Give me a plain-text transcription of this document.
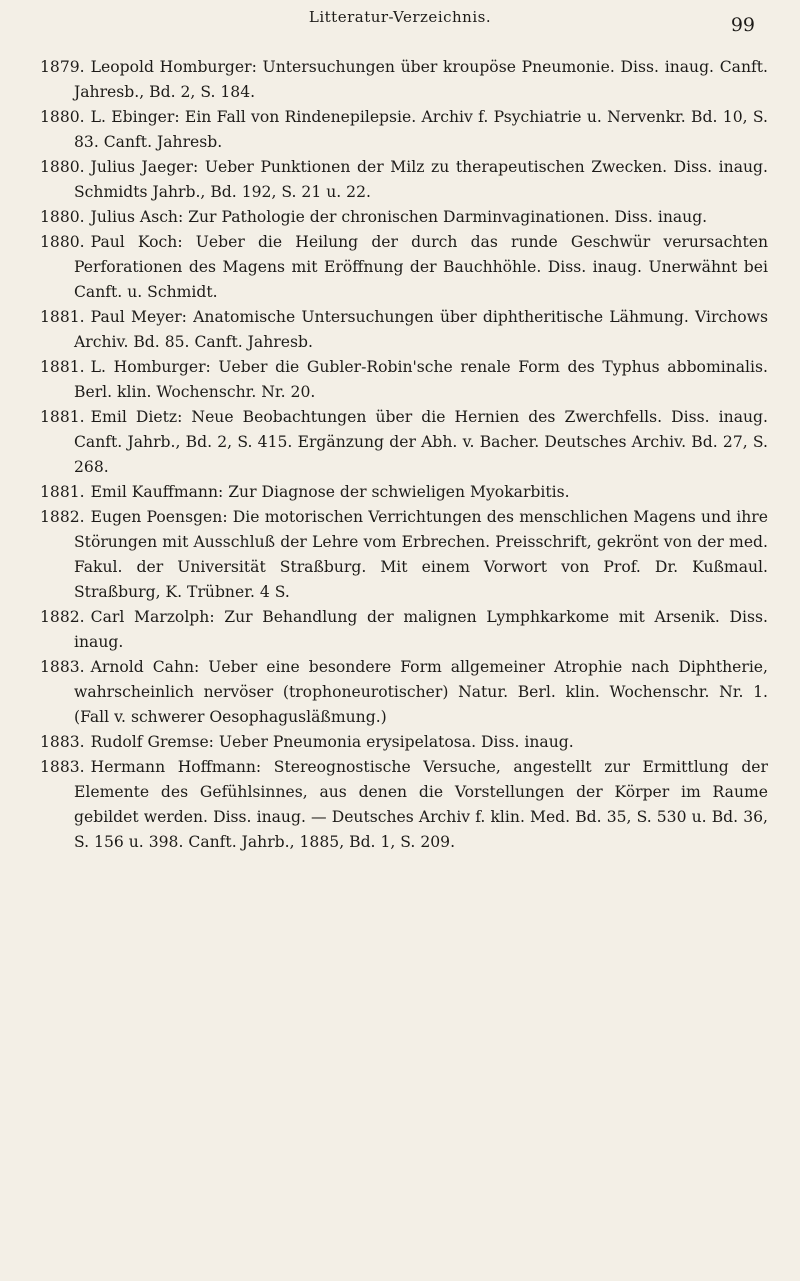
Litteratur-Verzeichnis.	99
1879. Leopold Homburger: Untersuchungen über kroupöse Pneumonie. Diss. inaug. Canft. Jahresb., Bd. 2, S. 184.
1880. L. Ebinger: Ein Fall von Rindenepilepsie. Archiv f. Psychiatrie u. Nervenkr. Bd. 10, S. 83. Canft. Jahresb.
1880. Julius Jaeger: Ueber Punktionen der Milz zu therapeutischen Zwecken. Diss. inaug. Schmidts Jahrb., Bd. 192, S. 21 u. 22.
1880. Julius Asch: Zur Pathologie der chronischen Darminvaginationen. Diss. inaug.
1880. Paul Koch: Ueber die Heilung der durch das runde Geschwür verursachten Perforationen des Magens mit Eröffnung der Bauchhöhle. Diss. inaug. Unerwähnt bei Canft. u. Schmidt.
1881. Paul Meyer: Anatomische Untersuchungen über diphtheritische Lähmung. Virchows Archiv. Bd. 85. Canft. Jahresb.
1881. L. Homburger: Ueber die Gubler-Robin'sche renale Form des Typhus abbominalis. Berl. klin. Wochenschr. Nr. 20.
1881. Emil Dietz: Neue Beobachtungen über die Hernien des Zwerchfells. Diss. inaug. Canft. Jahrb., Bd. 2, S. 415. Ergänzung der Abh. v. Bacher. Deutsches Archiv. Bd. 27, S. 268.
1881. Emil Kauffmann: Zur Diagnose der schwieligen Myokarbitis.
1882. Eugen Poensgen: Die motorischen Verrichtungen des menschlichen Magens und ihre Störungen mit Ausschluß der Lehre vom Erbrechen. Preisschrift, gekrönt von der med. Fakul. der Universität Straßburg. Mit einem Vorwort von Prof. Dr. Kußmaul. Straßburg, K. Trübner. 4 S.
1882. Carl Marzolph: Zur Behandlung der malignen Lymphkarkome mit Arsenik. Diss. inaug.
1883. Arnold Cahn: Ueber eine besondere Form allgemeiner Atrophie nach Diphtherie, wahrscheinlich nervöser (trophoneurotischer) Natur. Berl. klin. Wochenschr. Nr. 1. (Fall v. schwerer Oesophagusläßmung.)
1883. Rudolf Gremse: Ueber Pneumonia erysipelatosa. Diss. inaug.
1883. Hermann Hoffmann: Stereognostische Versuche, angestellt zur Ermittlung der Elemente des Gefühlsinnes, aus denen die Vorstellungen der Körper im Raume gebildet werden. Diss. inaug. — Deutsches Archiv f. klin. Med. Bd. 35, S. 530 u. Bd. 36, S. 156 u. 398. Canft. Jahrb., 1885, Bd. 1, S. 209.
